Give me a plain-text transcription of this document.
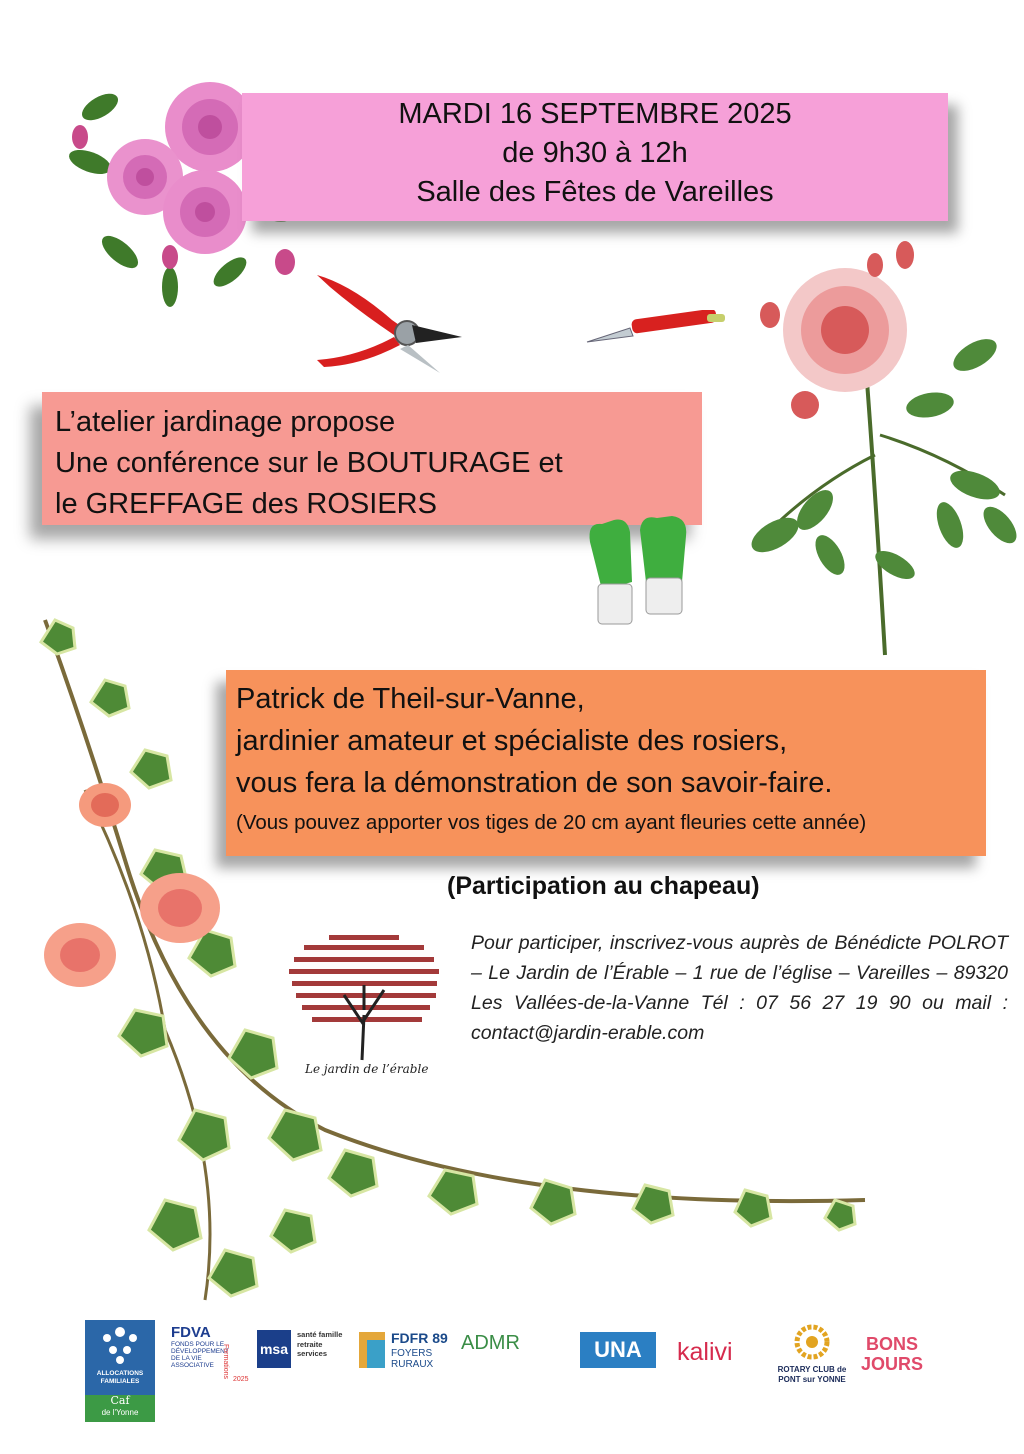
MARDI 16 SEPTEMBRE 2025
de 9h30 à 12h
Salle des Fêtes de Vareilles
L’atelier jardinage propose
Une conférence sur le BOUTURAGE et
le GREFFAGE des ROSIERS
Le jardin de l’érable
Patrick de Theil-sur-Vanne,
jardinier amateur et spécialiste des rosiers,
vous fera la démonstration de son savoir-faire.
(Vous pouvez apporter vos tiges de 20 cm ayant fleuries cette année)
(Participation au chapeau)
Pour participer, inscrivez-vous auprès de Bénédicte POLROT – Le Jardin de l’Érable – 1 rue de l’église – Vareilles – 89320 Les Vallées-de-la-Vanne Tél : 07 56 27 19 90 ou mail : contact@jardin-erable.com
ALLOCATIONS FAMILIALES
Caf
de l'Yonne
FDVA
FONDS POUR LE DÉVELOPPEMENT DE LA VIE ASSOCIATIVE
2025
Formations msa
santé famille retraite services
FDFR 89
FOYERS RURAUX
ADMR	UNA	kalivi
ROTARY CLUB de PONT sur YONNE
BONS JOURS
